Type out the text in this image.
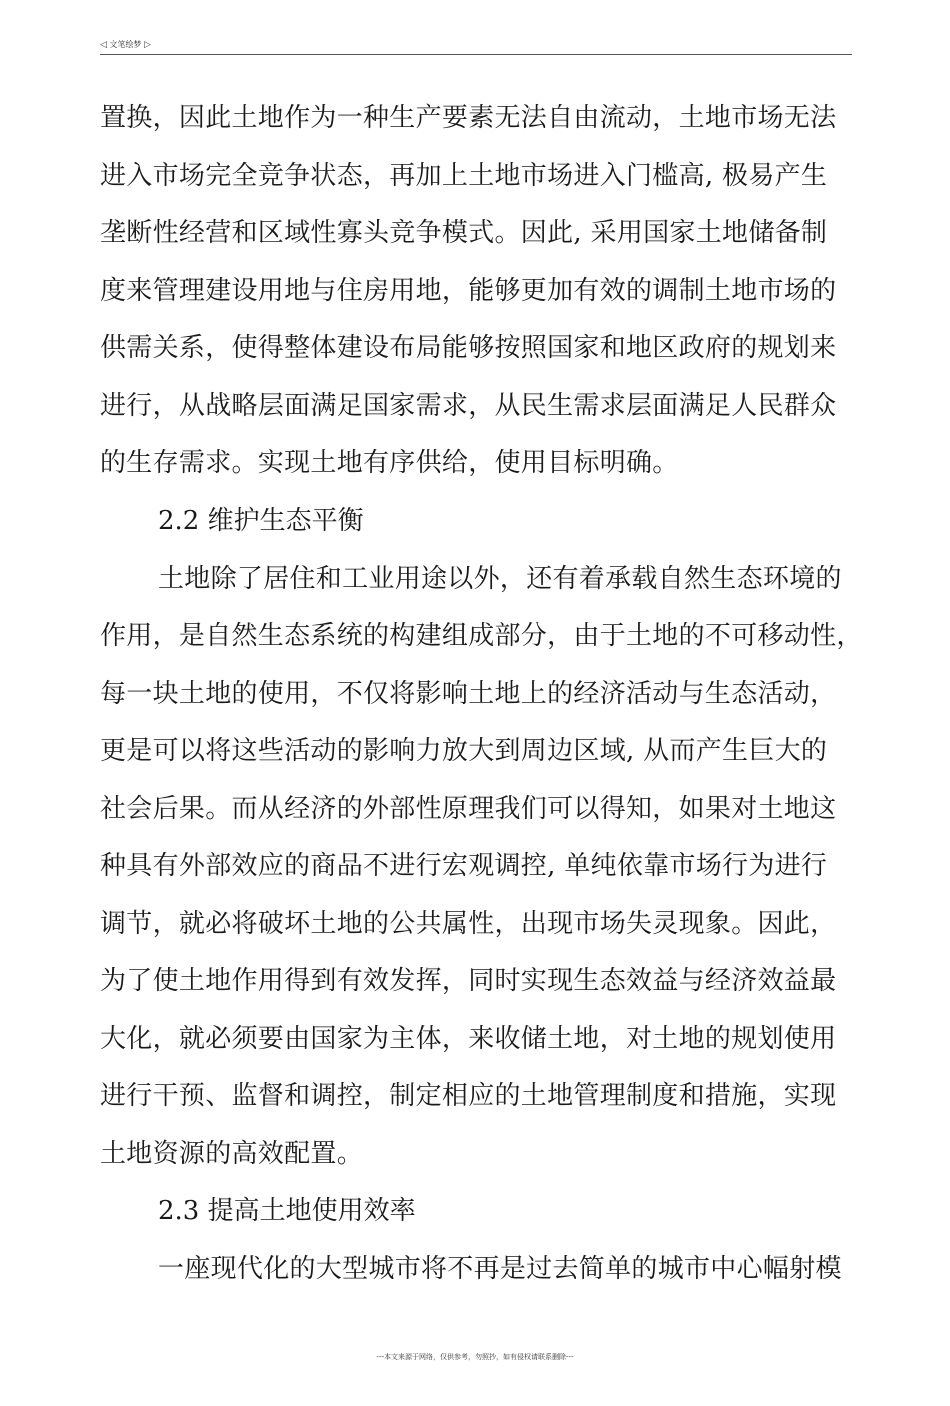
◁ 文笔绘梦 ▷
置换，因此土地作为一种生产要素无法自由流动，土地市场无法
进入市场完全竞争状态，再加上土地市场进入门槛高, 极易产生
垄断性经营和区域性寡头竞争模式。因此, 采用国家土地储备制
度来管理建设用地与住房用地，能够更加有效的调制土地市场的
供需关系，使得整体建设布局能够按照国家和地区政府的规划来
进行，从战略层面满足国家需求，从民生需求层面满足人民群众
的生存需求。实现土地有序供给，使用目标明确。
2.2 维护生态平衡
土地除了居住和工业用途以外，还有着承载自然生态环境的
作用，是自然生态系统的构建组成部分，由于土地的不可移动性，
每一块土地的使用，不仅将影响土地上的经济活动与生态活动，
更是可以将这些活动的影响力放大到周边区域, 从而产生巨大的
社会后果。而从经济的外部性原理我们可以得知，如果对土地这
种具有外部效应的商品不进行宏观调控, 单纯依靠市场行为进行
调节，就必将破坏土地的公共属性，出现市场失灵现象。因此，
为了使土地作用得到有效发挥，同时实现生态效益与经济效益最
大化，就必须要由国家为主体，来收储土地，对土地的规划使用
进行干预、监督和调控，制定相应的土地管理制度和措施，实现
土地资源的高效配置。
2.3 提高土地使用效率
一座现代化的大型城市将不再是过去简单的城市中心幅射模
---本文来源于网络，仅供参考，勿照抄，如有侵权请联系删除---
